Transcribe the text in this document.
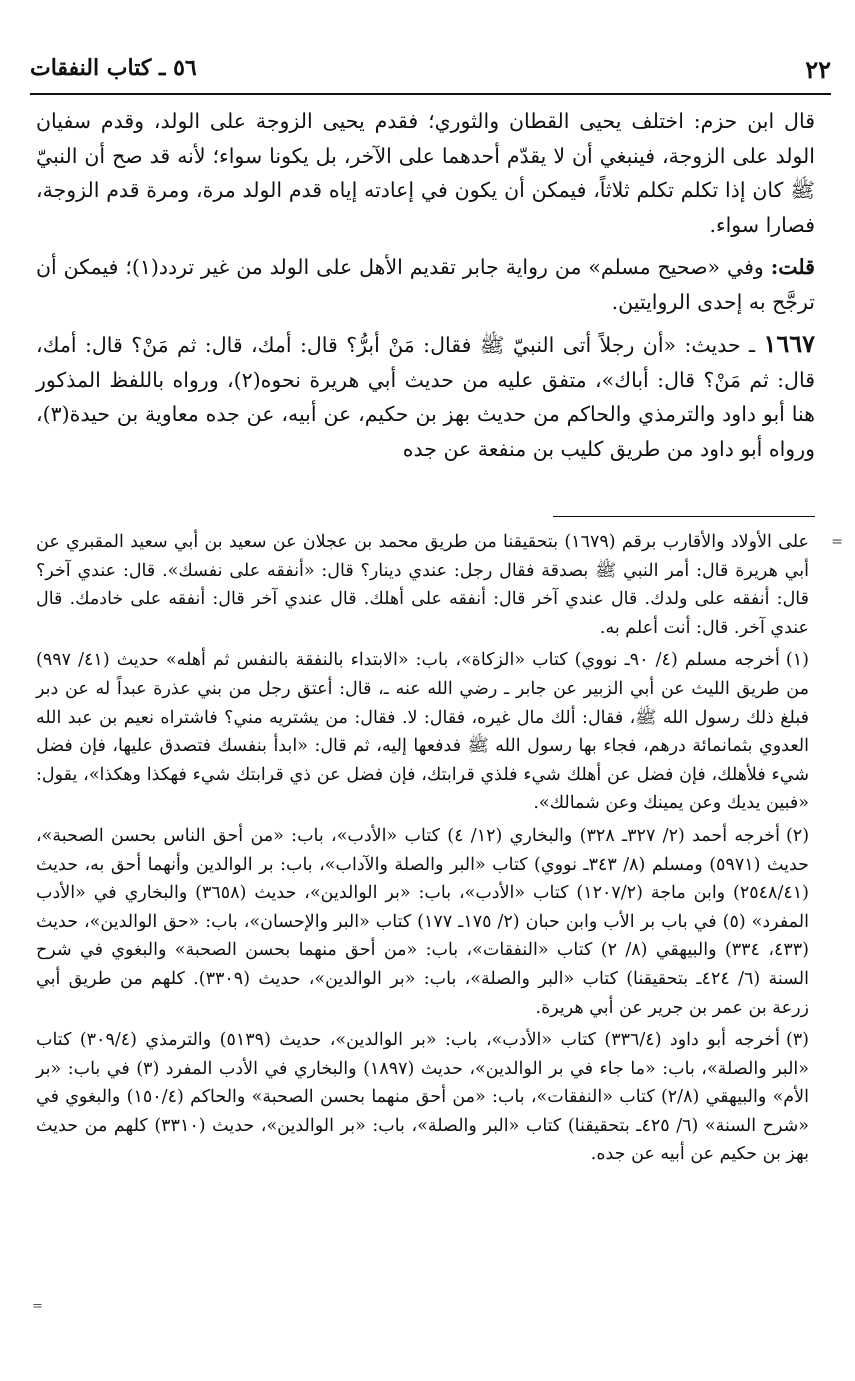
٢٢
٥٦ ـ كتاب النفقات

قال ابن حزم: اختلف يحيى القطان والثوري؛ فقدم يحيى الزوجة على الولد، وقدم سفيان الولد على الزوجة، فينبغي أن لا يقدّم أحدهما على الآخر، بل يكونا سواء؛ لأنه قد صح أن النبيّ ﷺ كان إذا تكلم تكلم ثلاثاً، فيمكن أن يكون في إعادته إياه قدم الولد مرة، ومرة قدم الزوجة، فصارا سواء.

قلت: وفي «صحيح مسلم» من رواية جابر تقديم الأهل على الولد من غير تردد(١)؛ فيمكن أن ترجَّح به إحدى الروايتين.

١٦٦٧ ـ حديث: «أن رجلاً أتى النبيّ ﷺ فقال: مَنْ أبرُّ؟ قال: أمك، قال: ثم مَنْ؟ قال: أمك، قال: ثم مَنْ؟ قال: أباك»، متفق عليه من حديث أبي هريرة نحوه(٢)، ورواه باللفظ المذكور هنا أبو داود والترمذي والحاكم من حديث بهز بن حكيم، عن أبيه، عن جده معاوية بن حيدة(٣)، ورواه أبو داود من طريق كليب بن منفعة عن جده

=
على الأولاد والأقارب برقم (١٦٧٩) بتحقيقنا من طريق محمد بن عجلان عن سعيد بن أبي سعيد المقبري عن أبي هريرة قال: أمر النبي ﷺ بصدقة فقال رجل: عندي دينار؟ قال: «أنفقه على نفسك». قال: عندي آخر؟ قال: أنفقه على ولدك. قال عندي آخر قال: أنفقه على أهلك. قال عندي آخر قال: أنفقه على خادمك. قال عندي آخر. قال: أنت أعلم به.

(١)أخرجه مسلم (٤/ ٩٠ـ نووي) كتاب «الزكاة»، باب: «الابتداء بالنفقة بالنفس ثم أهله» حديث (٤١/ ٩٩٧) من طريق الليث عن أبي الزبير عن جابر ـ رضي الله عنه ـ، قال: أعتق رجل من بني عذرة عبداً له عن دبر فبلغ ذلك رسول الله ﷺ، فقال: ألك مال غيره، فقال: لا. فقال: من يشتريه مني؟ فاشتراه نعيم بن عبد الله العدوي بثمانمائة درهم، فجاء بها رسول الله ﷺ فدفعها إليه، ثم قال: «ابدأ بنفسك فتصدق عليها، فإن فضل شيء فلأهلك، فإن فضل عن أهلك شيء فلذي قرابتك، فإن فضل عن ذي قرابتك شيء فهكذا وهكذا»، يقول: «فبين يديك وعن يمينك وعن شمالك».

(٢)أخرجه أحمد (٢/ ٣٢٧ـ ٣٢٨) والبخاري (١٢/ ٤) كتاب «الأدب»، باب: «من أحق الناس بحسن الصحبة»، حديث (٥٩٧١) ومسلم (٨/ ٣٤٣ـ نووي) كتاب «البر والصلة والآداب»، باب: بر الوالدين وأنهما أحق به، حديث (٢٥٤٨/٤١) وابن ماجة (١٢٠٧/٢) كتاب «الأدب»، باب: «بر الوالدين»، حديث (٣٦٥٨) والبخاري في «الأدب المفرد» (٥) في باب بر الأب وابن حبان (٢/ ١٧٥ـ ١٧٧) كتاب «البر والإحسان»، باب: «حق الوالدين»، حديث (٤٣٣، ٣٣٤) والبيهقي (٨/ ٢) كتاب «النفقات»، باب: «من أحق منهما بحسن الصحبة» والبغوي في شرح السنة (٦/ ٤٢٤ـ بتحقيقنا) كتاب «البر والصلة»، باب: «بر الوالدين»، حديث (٣٣٠٩). كلهم من طريق أبي زرعة بن عمر بن جرير عن أبي هريرة.

(٣)أخرجه أبو داود (٣٣٦/٤) كتاب «الأدب»، باب: «بر الوالدين»، حديث (٥١٣٩) والترمذي (٣٠٩/٤) كتاب «البر والصلة»، باب: «ما جاء في بر الوالدين»، حديث (١٨٩٧) والبخاري في الأدب المفرد (٣) في باب: «بر الأم» والبيهقي (٢/٨) كتاب «النفقات»، باب: «من أحق منهما بحسن الصحبة» والحاكم (١٥٠/٤) والبغوي في «شرح السنة» (٦/ ٤٢٥ـ بتحقيقنا) كتاب «البر والصلة»، باب: «بر الوالدين»، حديث (٣٣١٠) كلهم من حديث بهز بن حكيم عن أبيه عن جده.

=
